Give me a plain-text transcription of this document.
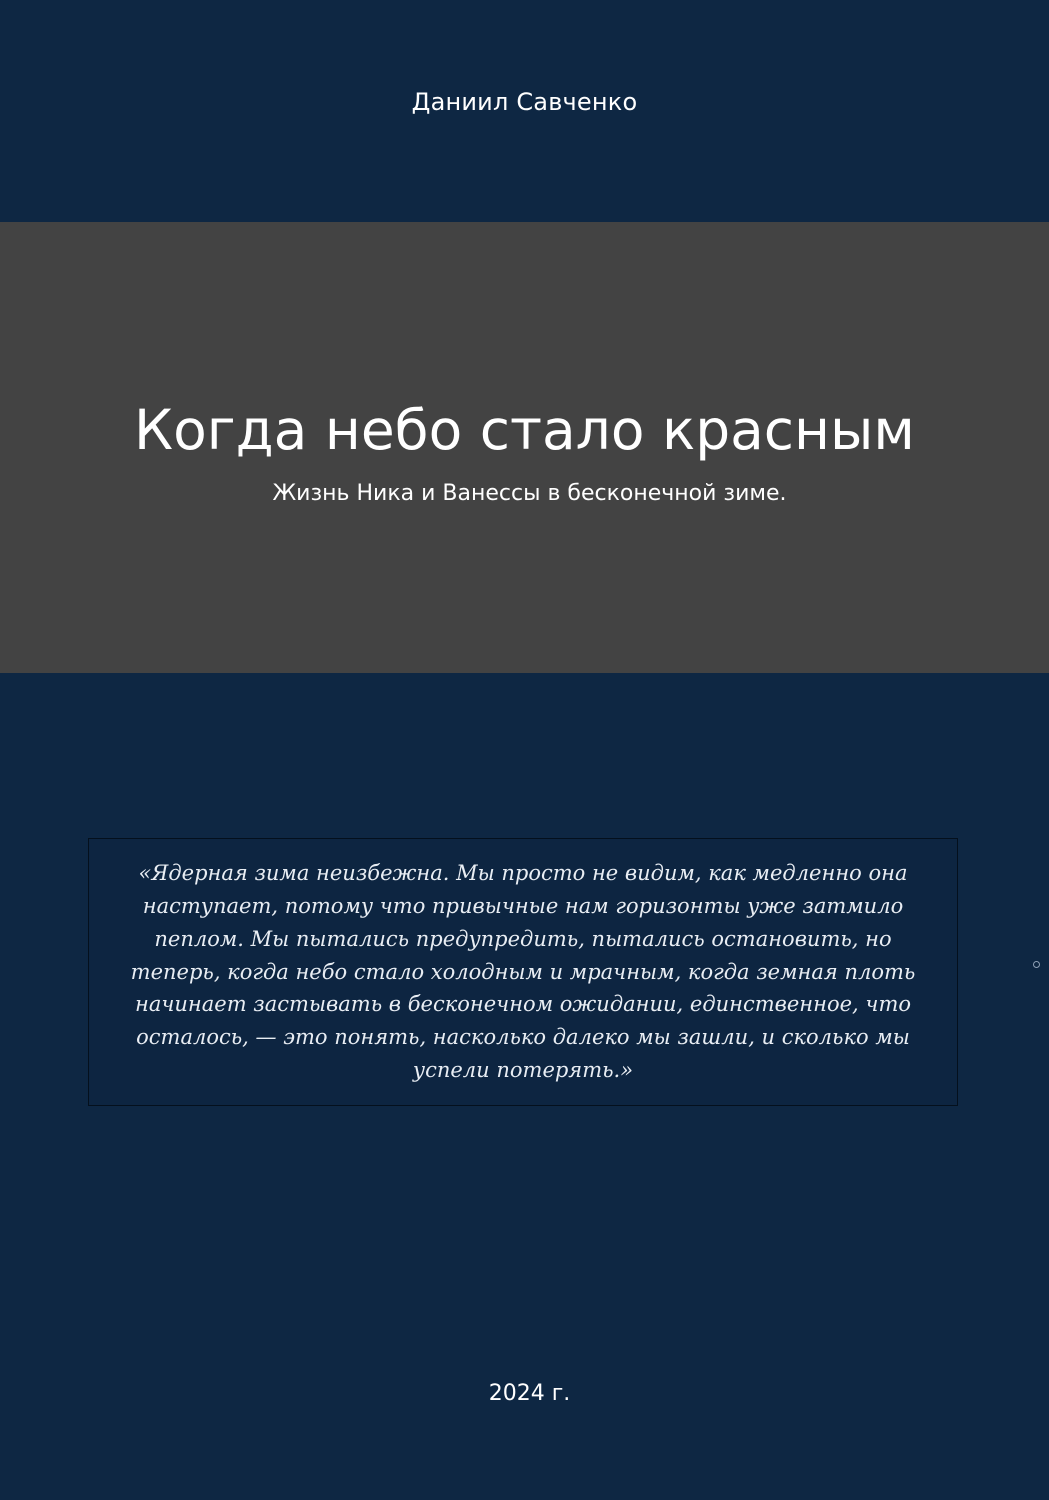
Даниил Савченко
Когда небо стало красным
Жизнь Ника и Ванессы в бесконечной зиме.
«Ядерная зима неизбежна. Мы просто не видим, как медленно она наступает, потому что привычные нам горизонты уже затмило пеплом. Мы пытались предупредить, пытались остановить, но теперь, когда небо стало холодным и мрачным, когда земная плоть начинает застывать в бесконечном ожидании, единственное, что осталось, — это понять, насколько далеко мы зашли, и сколько мы успели потерять.»
2024 г.
